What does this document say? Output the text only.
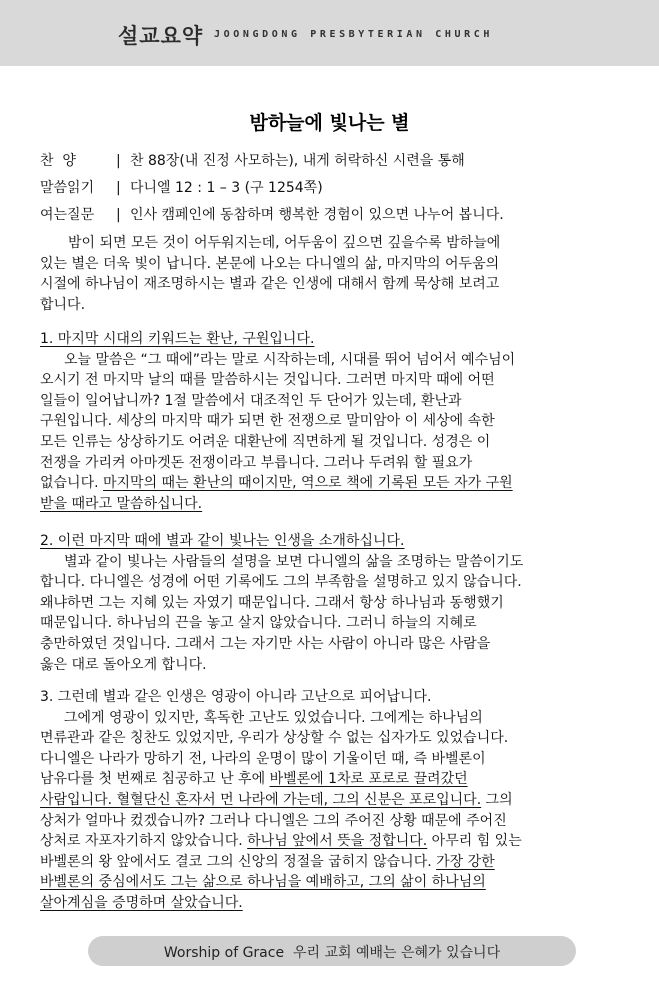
설교요약 JOONGDONG PRESBYTERIAN CHURCH
밤하늘에 빛나는 별
찬  양	| 찬 88장(내 진정 사모하는), 내게 허락하신 시련을 통해
말씀읽기 | 다니엘 12 : 1 – 3 (구 1254쪽)
여는질문 | 인사 캠페인에 동참하며 행복한 경험이 있으면 나누어 봅니다.
밤이 되면 모든 것이 어두워지는데, 어두움이 깊으면 깊을수록 밤하늘에
있는 별은 더욱 빛이 납니다. 본문에 나오는 다니엘의 삶, 마지막의 어두움의
시절에 하나님이 재조명하시는 별과 같은 인생에 대해서 함께 묵상해 보려고
합니다.
1. 마지막 시대의 키워드는 환난, 구원입니다.
오늘 말씀은 “그 때에”라는 말로 시작하는데, 시대를 뛰어 넘어서 예수님이
오시기 전 마지막 날의 때를 말씀하시는 것입니다. 그러면 마지막 때에 어떤
일들이 일어납니까? 1절 말씀에서 대조적인 두 단어가 있는데, 환난과
구원입니다. 세상의 마지막 때가 되면 한 전쟁으로 말미암아 이 세상에 속한
모든 인류는 상상하기도 어려운 대환난에 직면하게 될 것입니다. 성경은 이
전쟁을 가리켜 아마겟돈 전쟁이라고 부릅니다. 그러나 두려워 할 필요가
없습니다. 마지막의 때는 환난의 때이지만, 역으로 책에 기록된 모든 자가 구원
받을 때라고 말씀하십니다.
2. 이런 마지막 때에 별과 같이 빛나는 인생을 소개하십니다.
별과 같이 빛나는 사람들의 설명을 보면 다니엘의 삶을 조명하는 말씀이기도
합니다. 다니엘은 성경에 어떤 기록에도 그의 부족함을 설명하고 있지 않습니다.
왜냐하면 그는 지혜 있는 자였기 때문입니다. 그래서 항상 하나님과 동행했기
때문입니다. 하나님의 끈을 놓고 살지 않았습니다. 그러니 하늘의 지혜로
충만하였던 것입니다. 그래서 그는 자기만 사는 사람이 아니라 많은 사람을
옳은 대로 돌아오게 합니다.
3. 그런데 별과 같은 인생은 영광이 아니라 고난으로 피어납니다.
그에게 영광이 있지만, 혹독한 고난도 있었습니다. 그에게는 하나님의
면류관과 같은 칭찬도 있었지만, 우리가 상상할 수 없는 십자가도 있었습니다.
다니엘은 나라가 망하기 전, 나라의 운명이 많이 기울이던 때, 즉 바벨론이
남유다를 첫 번째로 침공하고 난 후에 바벨론에 1차로 포로로 끌려갔던
사람입니다. 혈혈단신 혼자서 먼 나라에 가는데, 그의 신분은 포로입니다. 그의
상처가 얼마나 컸겠습니까? 그러나 다니엘은 그의 주어진 상황 때문에 주어진
상처로 자포자기하지 않았습니다. 하나님 앞에서 뜻을 정합니다. 아무리 힘 있는
바벨론의 왕 앞에서도 결코 그의 신앙의 정절을 굽히지 않습니다. 가장 강한
바벨론의 중심에서도 그는 삶으로 하나님을 예배하고, 그의 삶이 하나님의
살아계심을 증명하며 살았습니다.
Worship of Grace  우리 교회 예배는 은혜가 있습니다
